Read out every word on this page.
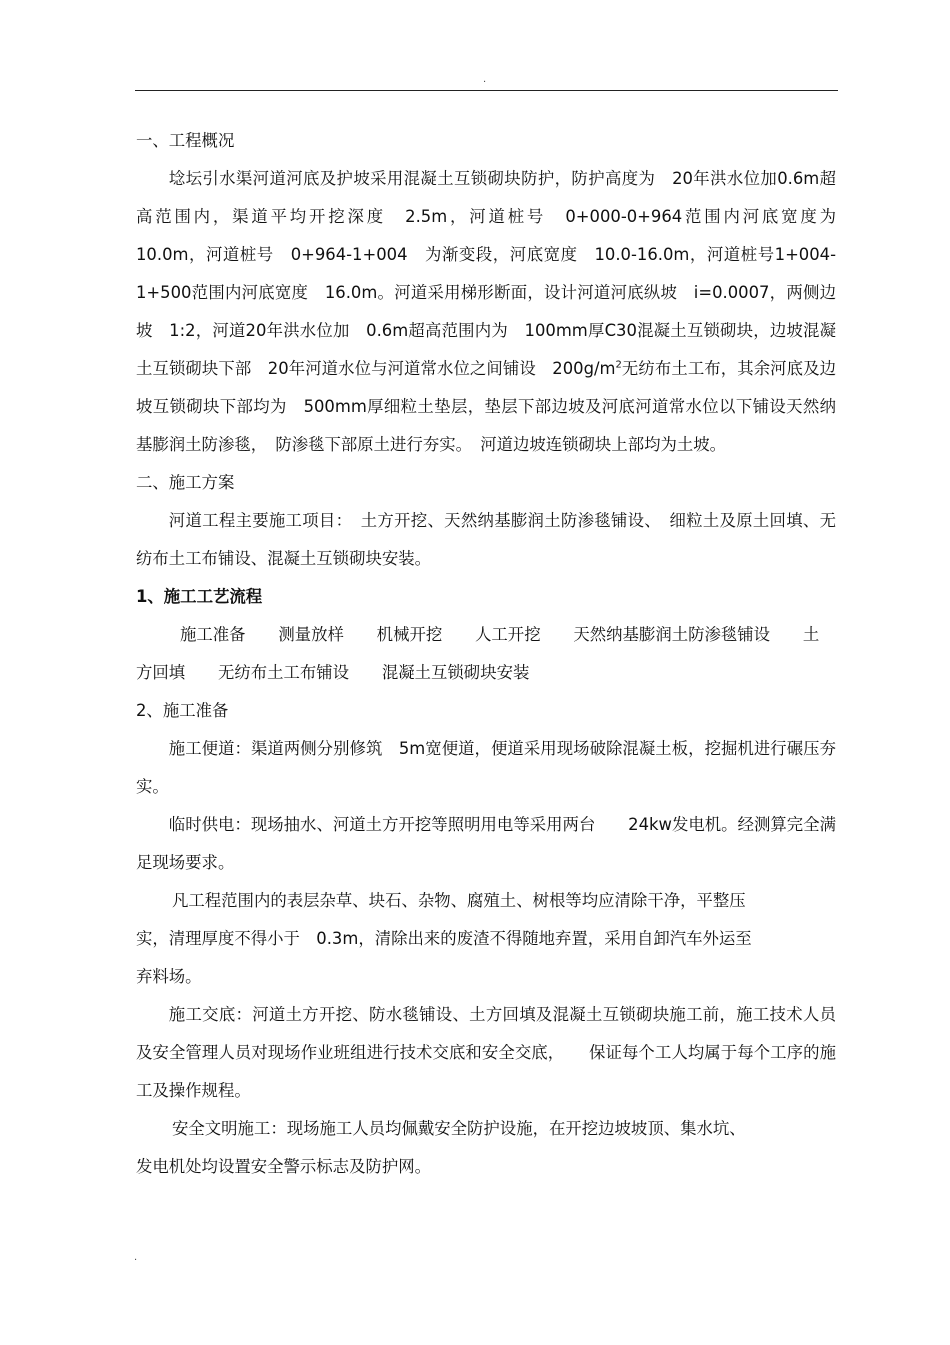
.
一、工程概况

埝坛引水渠河道河底及护坡采用混凝土互锁砌块防护，防护高度为　20年洪水位加0.6m超高范围内，渠道平均开挖深度　2.5m，河道桩号　0+000-0+964范围内河底宽度为　10.0m，河道桩号　0+964-1+004　为渐变段，河底宽度　10.0-16.0m，河道桩号1+004-1+500范围内河底宽度　16.0m。河道采用梯形断面，设计河道河底纵坡　i=0.0007，两侧边坡　1:2，河道20年洪水位加　0.6m超高范围内为　100mm厚C30混凝土互锁砌块，边坡混凝土互锁砌块下部　20年河道水位与河道常水位之间铺设　$200g/m^2$无纺布土工布，其余河底及边坡互锁砌块下部均为　500mm厚细粒土垫层，垫层下部边坡及河底河道常水位以下铺设天然纳基膨润土防渗毯，　防渗毯下部原土进行夯实。　河道边坡连锁砌块上部均为土坡。

二、施工方案

河道工程主要施工项目：　土方开挖、天然纳基膨润土防渗毯铺设、　细粒土及原土回填、无纺布土工布铺设、混凝土互锁砌块安装。

1、施工工艺流程
施工准备　　测量放样　　机械开挖　　人工开挖　　天然纳基膨润土防渗毯铺设　　土
方回填　　无纺布土工布铺设　　混凝土互锁砌块安装
2、施工准备

施工便道：渠道两侧分别修筑　5m宽便道，便道采用现场破除混凝土板，挖掘机进行碾压夯实。

临时供电：现场抽水、河道土方开挖等照明用电等采用两台　　24kw发电机。经测算完全满足现场要求。

凡工程范围内的表层杂草、块石、杂物、腐殖土、树根等均应清除干净，平整压
实，清理厚度不得小于　0.3m，清除出来的废渣不得随地弃置，采用自卸汽车外运至
弃料场。

施工交底：河道土方开挖、防水毯铺设、土方回填及混凝土互锁砌块施工前，施工技术人员及安全管理人员对现场作业班组进行技术交底和安全交底，　　保证每个工人均属于每个工序的施工及操作规程。

安全文明施工：现场施工人员均佩戴安全防护设施，在开挖边坡坡顶、集水坑、
发电机处均设置安全警示标志及防护网。
.
